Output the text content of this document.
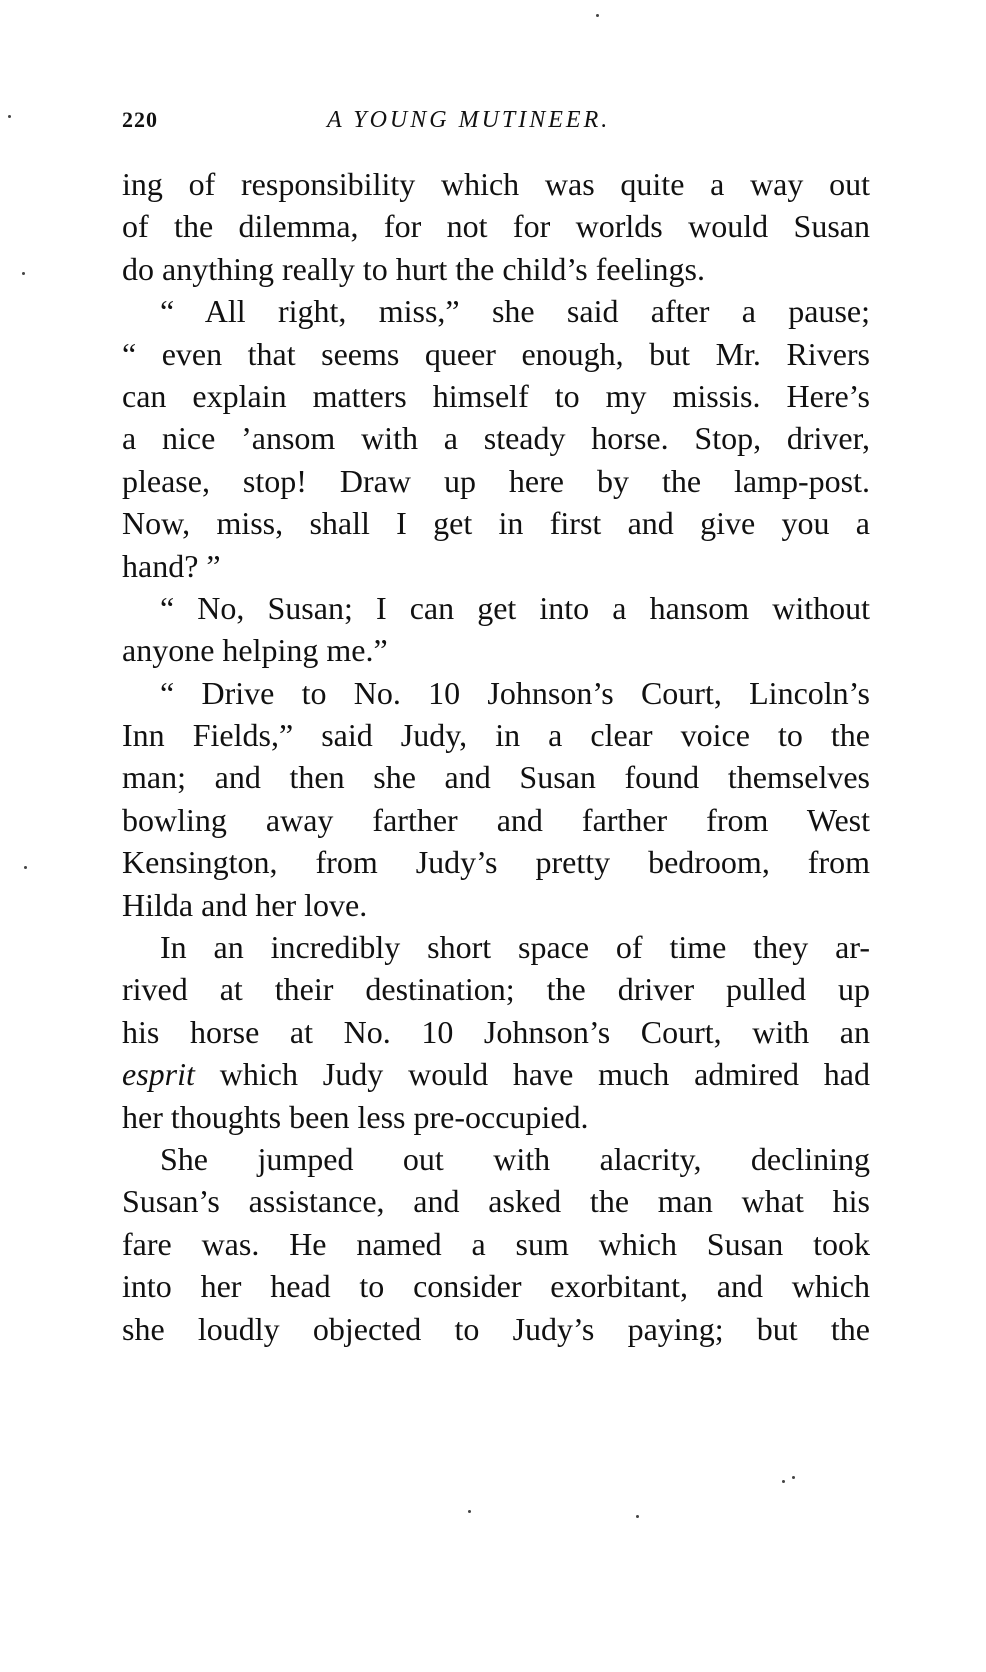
220	A YOUNG MUTINEER.
ing of responsibility which was quite a way out
of the dilemma, for not for worlds would Susan
do anything really to hurt the child’s feelings.
“ All right, miss,” she said after a pause;
“ even that seems queer enough, but Mr. Rivers
can explain matters himself to my missis. Here’s
a nice ’ansom with a steady horse. Stop, driver,
please, stop! Draw up here by the lamp-post.
Now, miss, shall I get in first and give you a
hand? ”
“ No, Susan; I can get into a hansom without
anyone helping me.”
“ Drive to No. 10 Johnson’s Court, Lincoln’s
Inn Fields,” said Judy, in a clear voice to the
man; and then she and Susan found themselves
bowling away farther and farther from West
Kensington, from Judy’s pretty bedroom, from
Hilda and her love.
In an incredibly short space of time they ar-
rived at their destination; the driver pulled up
his horse at No. 10 Johnson’s Court, with an
esprit which Judy would have much admired had
her thoughts been less pre-occupied.
She jumped out with alacrity, declining
Susan’s assistance, and asked the man what his
fare was. He named a sum which Susan took
into her head to consider exorbitant, and which
she loudly objected to Judy’s paying; but the
